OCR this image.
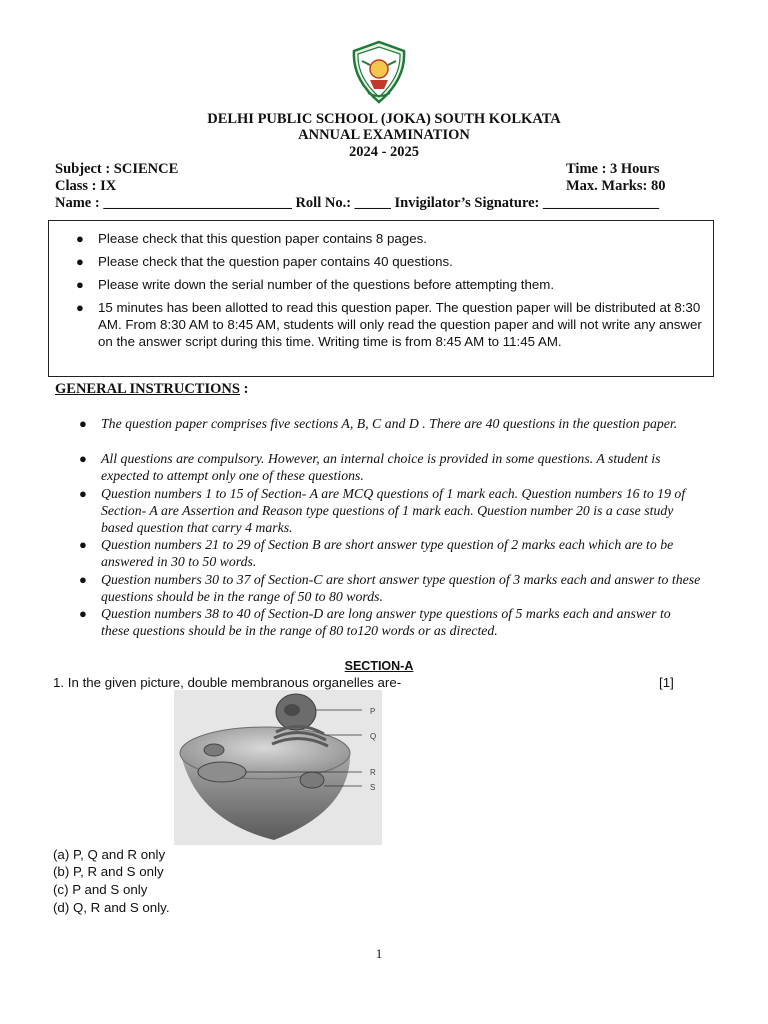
DELHI PUBLIC SCHOOL (JOKA) SOUTH KOLKATA
ANNUAL EXAMINATION
2024 - 2025
Subject : SCIENCE	Time : 3 Hours
Class : IX	Max. Marks: 80
Name : __________________________ Roll No.: _____ Invigilator’s Signature: ________________
● Please check that this question paper contains 8 pages.
● Please check that the question paper contains 40 questions.
● Please write down the serial number of the questions before attempting them.
● 15 minutes has been allotted to read this question paper. The question paper will be distributed at 8:30 AM. From 8:30 AM to 8:45 AM, students will only read the question paper and will not write any answer on the answer script during this time. Writing time is from 8:45 AM to 11:45 AM.
GENERAL INSTRUCTIONS :
● The question paper comprises five sections A, B, C and D . There are 40 questions in the question paper.
● All questions are compulsory. However, an internal choice is provided in some questions. A student is expected to attempt only one of these questions.
● Question numbers 1 to 15 of Section- A are MCQ questions of 1 mark each. Question numbers 16 to 19 of Section- A are Assertion and Reason type questions of 1 mark each. Question number 20 is a case study based question that carry 4 marks.
● Question numbers 21 to 29 of Section B are short answer type question of 2 marks each which are to be answered in 30 to 50 words.
● Question numbers 30 to 37 of Section-C are short answer type question of 3 marks each and answer to these questions should be in the range of 50 to 80 words.
● Question numbers 38 to 40 of Section-D are long answer type questions of 5 marks each and answer to these questions should be in the range of 80 to120 words or as directed.
SECTION-A
1. In the given picture, double membranous organelles are-	[1]
P
Q
R
S
(a) P, Q and R only
(b) P, R and S only
(c) P and S only
(d) Q, R and S only.
1
